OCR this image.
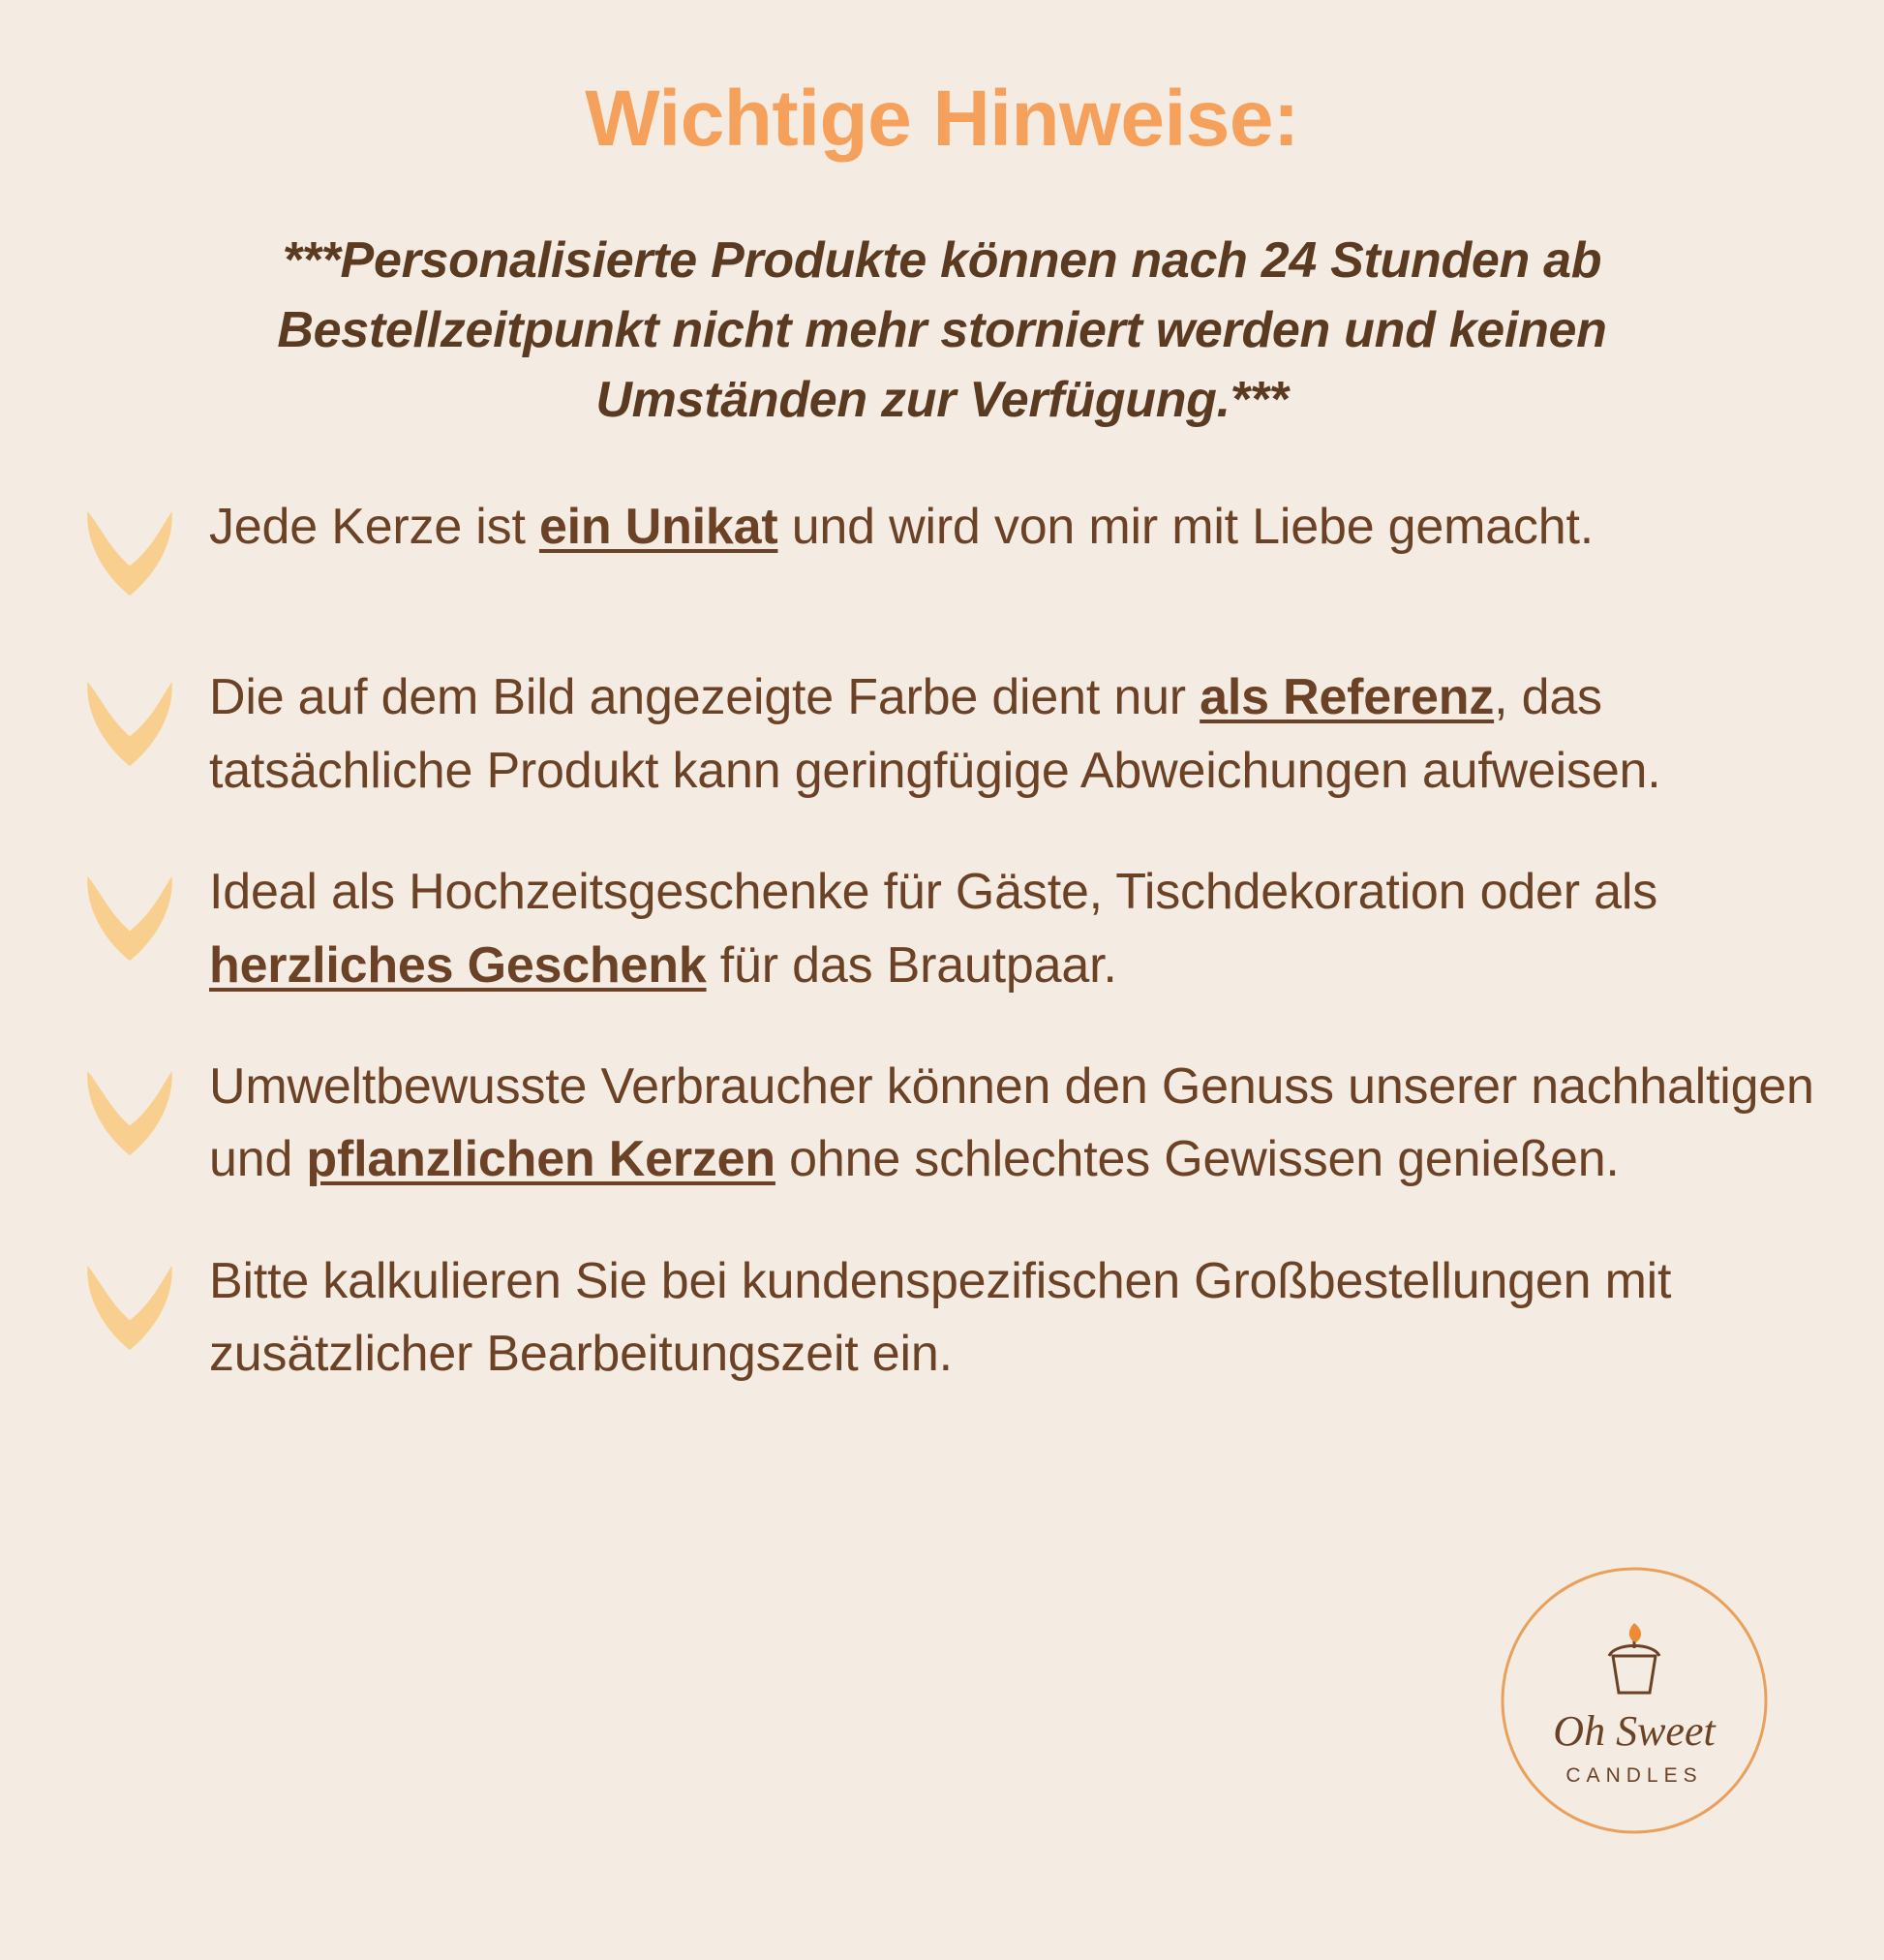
Wichtige Hinweise:
***Personalisierte Produkte können nach 24 Stunden ab Bestellzeitpunkt nicht mehr storniert werden und keinen Umständen zur Verfügung.***
Jede Kerze ist ein Unikat und wird von mir mit Liebe gemacht.
Die auf dem Bild angezeigte Farbe dient nur als Referenz, das tatsächliche Produkt kann geringfügige Abweichungen aufweisen.
Ideal als Hochzeitsgeschenke für Gäste, Tischdekoration oder als herzliches Geschenk für das Brautpaar.
Umweltbewusste Verbraucher können den Genuss unserer nachhaltigen und pflanzlichen Kerzen ohne schlechtes Gewissen genießen.
Bitte kalkulieren Sie bei kundenspezifischen Großbestellungen mit zusätzlicher Bearbeitungszeit ein.
Oh Sweet
CANDLES
